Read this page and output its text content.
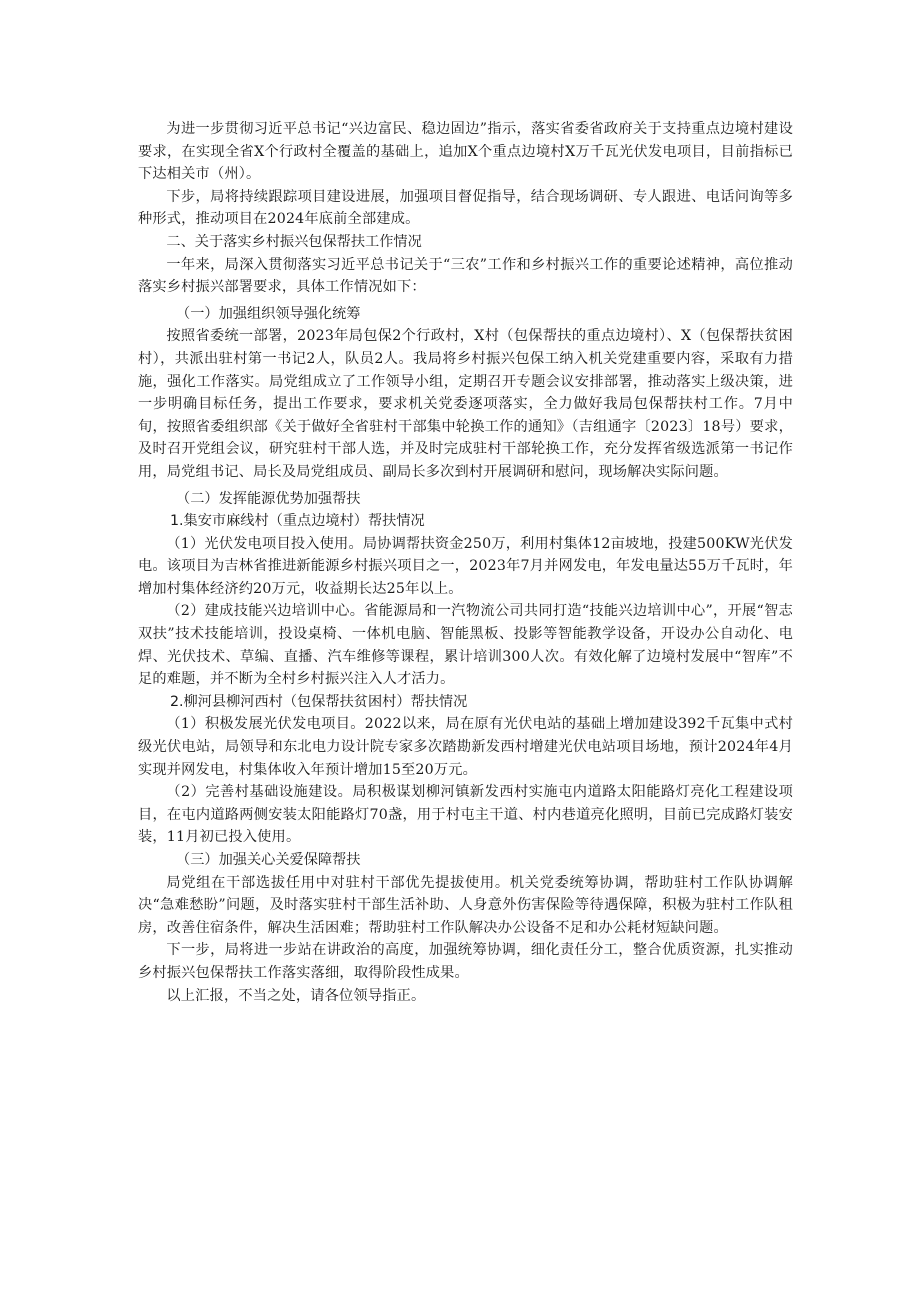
为进一步贯彻习近平总书记“兴边富民、稳边固边”指示，落实省委省政府关于支持重点边境村建设要求，在实现全省X个行政村全覆盖的基础上，追加X个重点边境村X万千瓦光伏发电项目，目前指标已下达相关市（州）。

下步，局将持续跟踪项目建设进展，加强项目督促指导，结合现场调研、专人跟进、电话问询等多种形式，推动项目在2024年底前全部建成。

二、关于落实乡村振兴包保帮扶工作情况

一年来，局深入贯彻落实习近平总书记关于“三农”工作和乡村振兴工作的重要论述精神，高位推动落实乡村振兴部署要求，具体工作情况如下：

（一）加强组织领导强化统筹

按照省委统一部署，2023年局包保2个行政村，X村（包保帮扶的重点边境村）、X（包保帮扶贫困村），共派出驻村第一书记2人，队员2人。我局将乡村振兴包保工纳入机关党建重要内容，采取有力措施，强化工作落实。局党组成立了工作领导小组，定期召开专题会议安排部署，推动落实上级决策，进一步明确目标任务，提出工作要求，要求机关党委逐项落实，全力做好我局包保帮扶村工作。7月中旬，按照省委组织部《关于做好全省驻村干部集中轮换工作的通知》（吉组通字〔2023〕18号）要求，及时召开党组会议，研究驻村干部人选，并及时完成驻村干部轮换工作，充分发挥省级选派第一书记作用，局党组书记、局长及局党组成员、副局长多次到村开展调研和慰问，现场解决实际问题。

（二）发挥能源优势加强帮扶
1.集安市麻线村（重点边境村）帮扶情况

（1）光伏发电项目投入使用。局协调帮扶资金250万，利用村集体12亩坡地，投建500KW光伏发电。该项目为吉林省推进新能源乡村振兴项目之一，2023年7月并网发电，年发电量达55万千瓦时，年增加村集体经济约20万元，收益期长达25年以上。

（2）建成技能兴边培训中心。省能源局和一汽物流公司共同打造“技能兴边培训中心”，开展“智志双扶”技术技能培训，投设桌椅、一体机电脑、智能黑板、投影等智能教学设备，开设办公自动化、电焊、光伏技术、草编、直播、汽车维修等课程，累计培训300人次。有效化解了边境村发展中“智库”不足的难题，并不断为全村乡村振兴注入人才活力。

2.柳河县柳河西村（包保帮扶贫困村）帮扶情况

（1）积极发展光伏发电项目。2022以来，局在原有光伏电站的基础上增加建设392千瓦集中式村级光伏电站，局领导和东北电力设计院专家多次踏勘新发西村增建光伏电站项目场地，预计2024年4月实现并网发电，村集体收入年预计增加15至20万元。

（2）完善村基础设施建设。局积极谋划柳河镇新发西村实施屯内道路太阳能路灯亮化工程建设项目，在屯内道路两侧安装太阳能路灯70盏，用于村屯主干道、村内巷道亮化照明，目前已完成路灯装安装，11月初已投入使用。

（三）加强关心关爱保障帮扶

局党组在干部选拔任用中对驻村干部优先提拔使用。机关党委统筹协调，帮助驻村工作队协调解决“急难愁盼”问题，及时落实驻村干部生活补助、人身意外伤害保险等待遇保障，积极为驻村工作队租房，改善住宿条件，解决生活困难；帮助驻村工作队解决办公设备不足和办公耗材短缺问题。

下一步，局将进一步站在讲政治的高度，加强统筹协调，细化责任分工，整合优质资源，扎实推动乡村振兴包保帮扶工作落实落细，取得阶段性成果。

以上汇报，不当之处，请各位领导指正。
